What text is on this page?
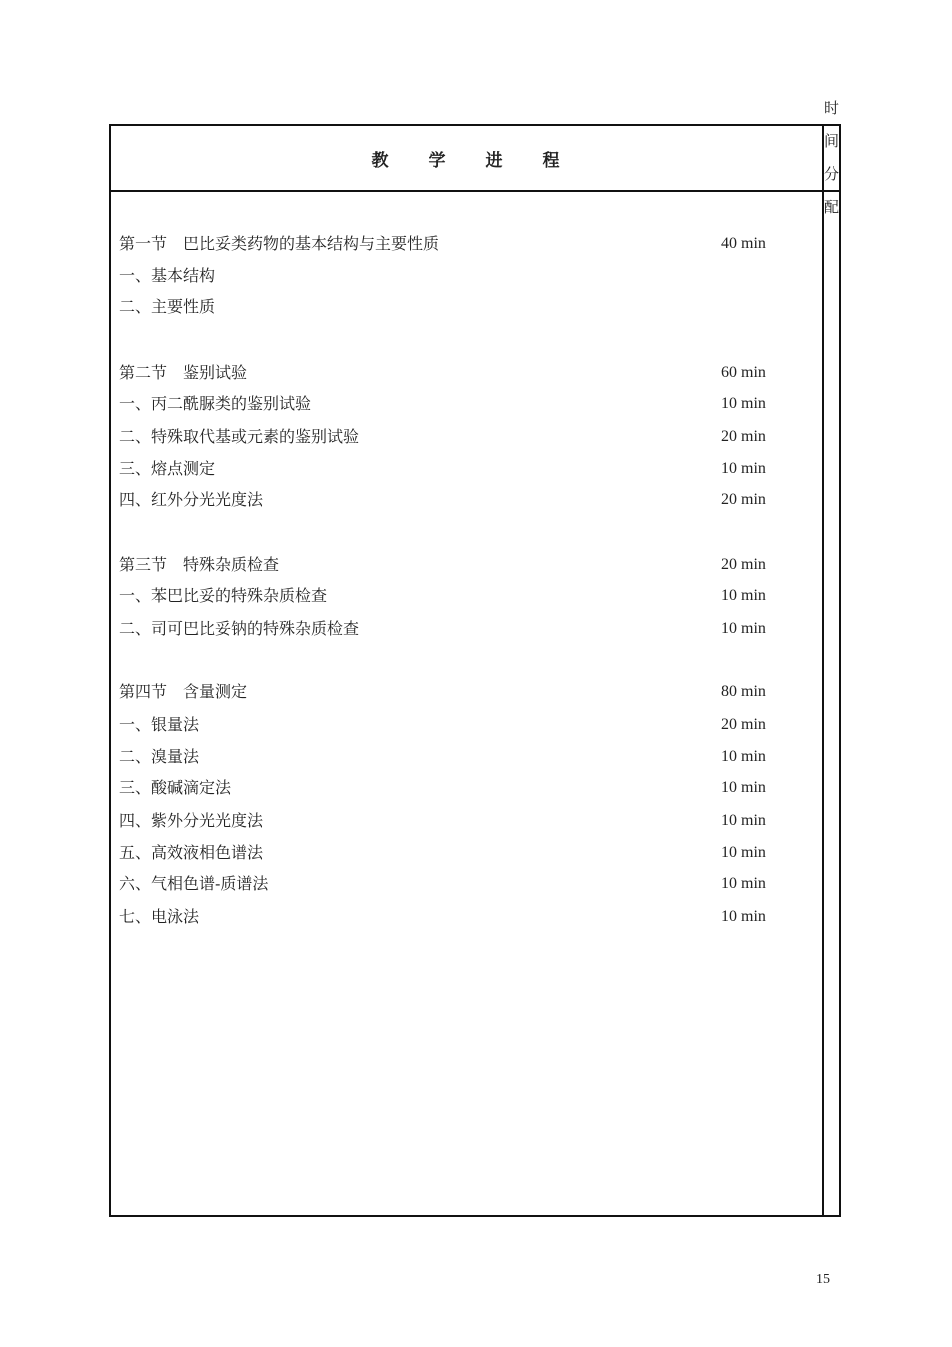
教 学 进 程
时间
分配
第一节　巴比妥类药物的基本结构与主要性质	40 min
一、基本结构
二、主要性质
第二节　鉴别试验	60 min
一、丙二酰脲类的鉴别试验	10 min
二、特殊取代基或元素的鉴别试验	20 min
三、熔点测定	10 min
四、红外分光光度法	20 min
第三节　特殊杂质检查	20 min
一、苯巴比妥的特殊杂质检查	10 min
二、司可巴比妥钠的特殊杂质检查	10 min
第四节　含量测定	80 min
一、银量法	20 min
二、溴量法	10 min
三、酸碱滴定法	10 min
四、紫外分光光度法	10 min
五、高效液相色谱法	10 min
六、气相色谱-质谱法	10 min
七、电泳法	10 min
15
